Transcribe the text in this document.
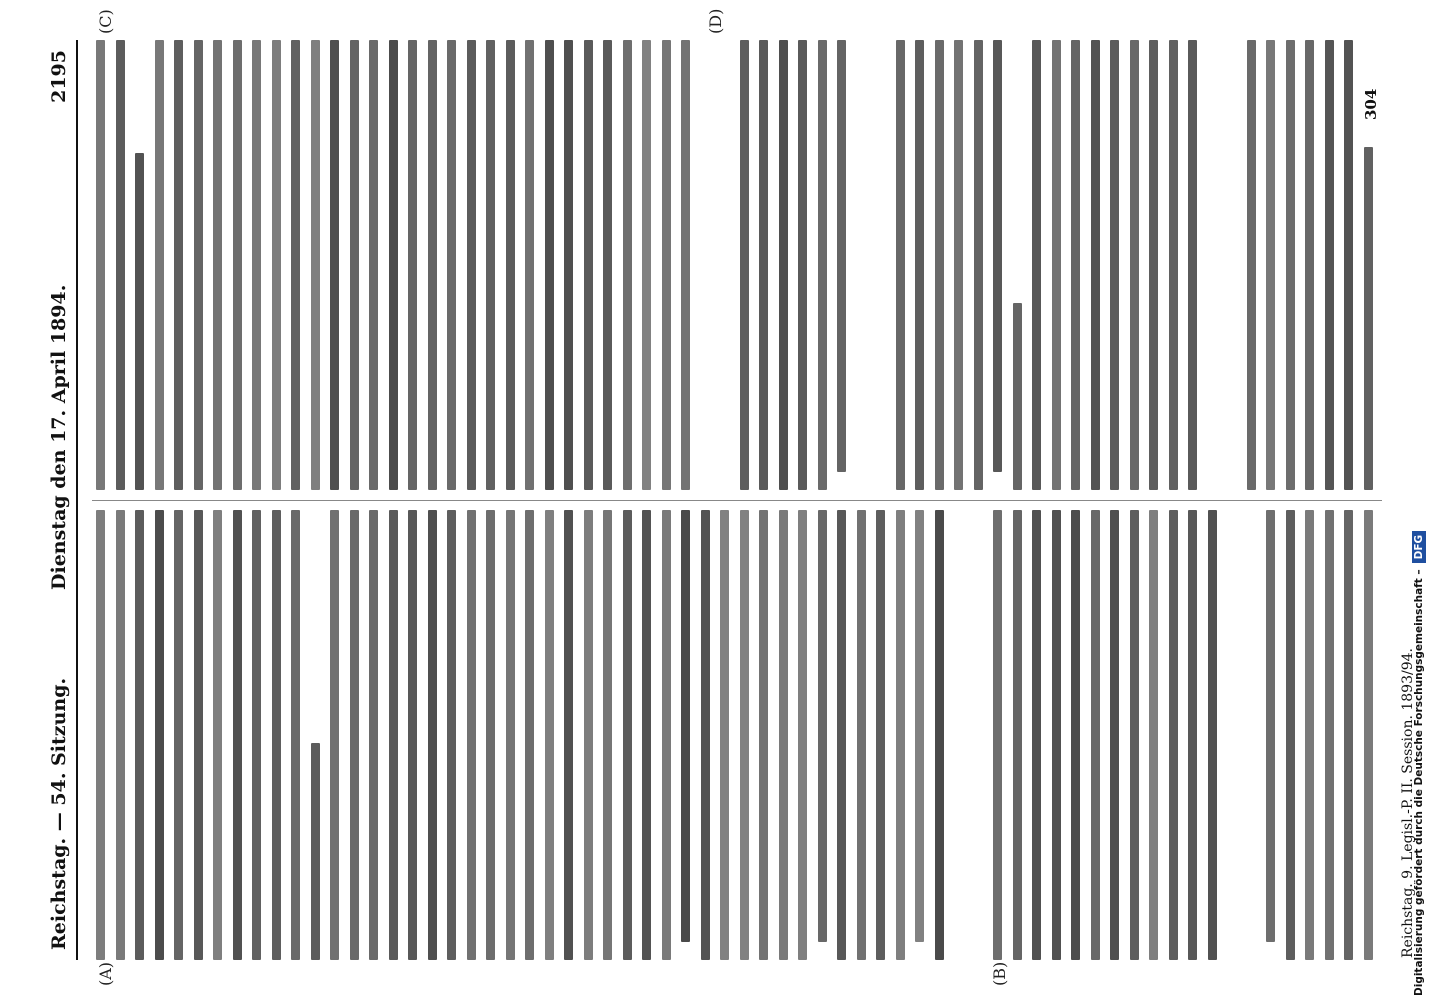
Reichstag. — 54. Sitzung.
Dienstag den 17. April 1894.
2195
(A)	(B)
(C)	(D)
304
Reichstag. 9. Legisl.-P. II. Session. 1893/94.
Digitalisierung gefördert durch die Deutsche Forschungsgemeinschaft –DFG
